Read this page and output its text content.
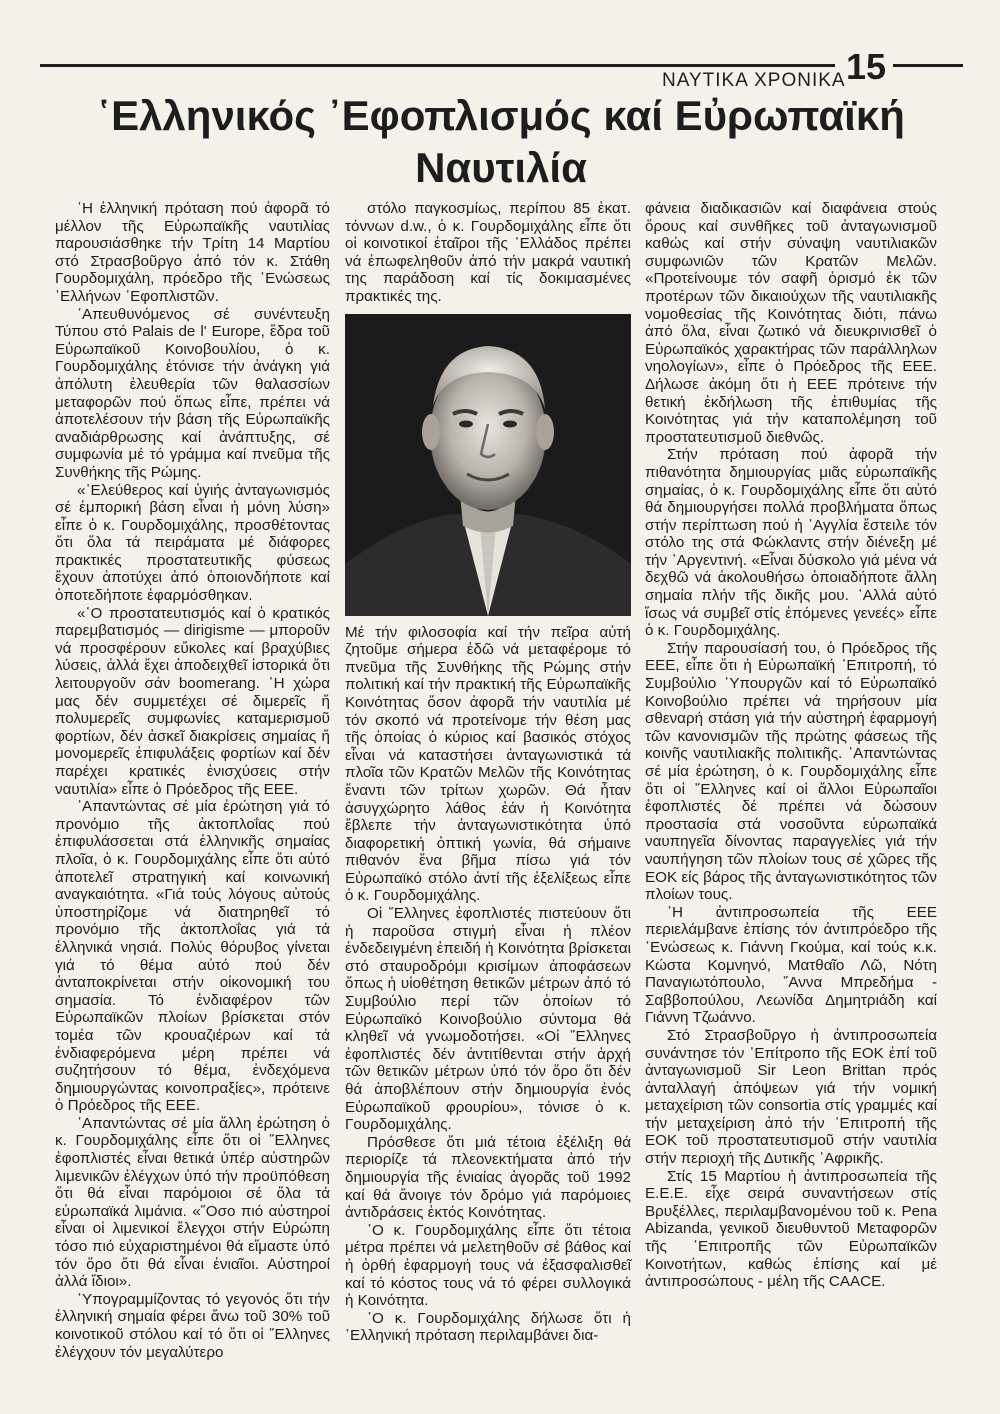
ΝΑΥΤΙΚΑ ΧΡΟΝΙΚΑ 15
῾Ελληνικός ᾿Εφοπλισμός καί Εὐρωπαϊκή
Ναυτιλία

῾Η ἑλληνική πρόταση πού ἀφορᾶ τό μέλλον τῆς Εὐρωπαϊκῆς ναυτιλίας παρουσιάσθηκε τήν Τρίτη 14 Μαρτίου στό Στρασβοῦργο ἀπό τόν κ. Στάθη Γουρδομιχάλη, πρόεδρο τῆς ῾Ενώσεως ῾Ελλήνων ᾿Εφοπλιστῶν.

᾿Απευθυνόμενος σέ συνέντευξη Τύπου στό Palais de l' Europe, ἕδρα τοῦ Εὐρωπαϊκοῦ Κοινοβουλίου, ὁ κ. Γουρδομιχάλης ἐτόνισε τήν ἀνάγκη γιά ἀπόλυτη ἐλευθερία τῶν θαλασσίων μεταφορῶν πού ὅπως εἶπε, πρέπει νά ἀποτελέσουν τήν βάση τῆς Εὐρωπαϊκῆς αναδιάρθρωσης καί ἀνάπτυξης, σέ συμφωνία μέ τό γράμμα καί πνεῦμα τῆς Συνθήκης τῆς Ρώμης.

«᾿Ελεύθερος καί ὑγιής ἀνταγωνισμός σέ ἐμπορική βάση εἶναι ἡ μόνη λύση» εἶπε ὁ κ. Γουρδομιχάλης, προσθέτοντας ὅτι ὅλα τά πειράματα μέ διάφορες πρακτικές προστατευτικῆς φύσεως ἔχουν ἀποτύχει ἀπό ὁποιονδήποτε καί ὁποτεδήποτε ἐφαρμόσθηκαν.

«῾Ο προστατευτισμός καί ὁ κρατικός παρεμβατισμός — dirigisme — μποροῦν νά προσφέρουν εὔκολες καί βραχύβιες λύσεις, ἀλλά ἔχει ἀποδειχθεῖ ἱστορικά ὅτι λειτουργοῦν σάν boomerang. ῾Η χώρα μας δέν συμμετέχει σέ διμερεῖς ἤ πολυμερεῖς συμφωνίες καταμερισμοῦ φορτίων, δέν ἀσκεῖ διακρίσεις σημαίας ἤ μονομερεῖς ἐπιφυλάξεις φορτίων καί δέν παρέχει κρατικές ἐνισχύσεις στήν ναυτιλία» εἶπε ὁ Πρόεδρος τῆς ΕΕΕ.

᾿Απαντώντας σέ μία ἐρώτηση γιά τό προνόμιο τῆς ἀκτοπλοΐας πού ἐπιφυλάσσεται στά ἑλληνικῆς σημαίας πλοῖα, ὁ κ. Γουρδομιχάλης εἶπε ὅτι αὐτό ἀποτελεῖ στρατηγική καί κοινωνική αναγκαιότητα. «Γιά τούς λόγους αὐτούς ὑποστηρίζομε νά διατηρηθεῖ τό προνόμιο τῆς ἀκτοπλοΐας γιά τά ἑλληνικά νησιά. Πολύς θόρυβος γίνεται γιά τό θέμα αὐτό πού δέν ἀνταποκρίνεται στήν οἰκονομική του σημασία. Τό ἐνδιαφέρον τῶν Εὐρωπαϊκῶν πλοίων βρίσκεται στόν τομέα τῶν κρουαζιέρων καί τά ἐνδιαφερόμενα μέρη πρέπει νά συζητήσουν τό θέμα, ἐνδεχόμενα δημιουργώντας κοινοπραξίες», πρότεινε ὁ Πρόεδρος τῆς ΕΕΕ.

᾿Απαντώντας σέ μία ἄλλη ἐρώτηση ὁ κ. Γουρδομιχάλης εἶπε ὅτι οἱ ῞Ελληνες ἐφοπλιστές εἶναι θετικά ὑπέρ αὐστηρῶν λιμενικῶν ἐλέγχων ὑπό τήν προϋπόθεση ὅτι θά εἶναι παρόμοιοι σέ ὅλα τά εὐρωπαϊκά λιμάνια. «῞Οσο πιό αὐστηροί εἶναι οἱ λιμενικοί ἔλεγχοι στήν Εὐρώπη τόσο πιό εὐχαριστημένοι θά εἴμαστε ὑπό τόν ὅρο ὅτι θά εἶναι ἐνιαῖοι. Αὐστηροί ἀλλά ἴδιοι».

῾Υπογραμμίζοντας τό γεγονός ὅτι τήν ἑλληνική σημαία φέρει ἄνω τοῦ 30% τοῦ κοινοτικοῦ στόλου καί τό ὅτι οἱ ῞Ελληνες ἐλέγχουν τόν μεγαλύτερο

στόλο παγκοσμίως, περίπου 85 ἑκατ. τόννων d.w., ὁ κ. Γουρδομιχάλης εἶπε ὅτι οἱ κοινοτικοί ἑταῖροι τῆς ῾Ελλάδος πρέπει νά ἐπωφεληθοῦν ἀπό τήν μακρά ναυτική της παράδοση καί τίς δοκιμασμένες πρακτικές της.

Μέ τήν φιλοσοφία καί τήν πεῖρα αὐτή ζητοῦμε σήμερα ἐδῶ νά μεταφέρομε τό πνεῦμα τῆς Συνθήκης τῆς Ρώμης στήν πολιτική καί τήν πρακτική τῆς Εὐρωπαϊκῆς Κοινότητας ὅσον ἀφορᾶ τήν ναυτιλία μέ τόν σκοπό νά προτείνομε τήν θέση μας τῆς ὁποίας ὁ κύριος καί βασικός στόχος εἶναι νά καταστήσει ἀνταγωνιστικά τά πλοῖα τῶν Κρατῶν Μελῶν τῆς Κοινότητας ἔναντι τῶν τρίτων χωρῶν. Θά ἦταν ἀσυγχώρητο λάθος ἐάν ἡ Κοινότητα ἔβλεπε τήν ἀνταγωνιστικότητα ὑπό διαφορετική ὀπτική γωνία, θά σήμαινε πιθανόν ἕνα βῆμα πίσω γιά τόν Εὐρωπαϊκό στόλο ἀντί τῆς ἐξελίξεως εἶπε ὁ κ. Γουρδομιχάλης.

Οἱ ῞Ελληνες ἐφοπλιστές πιστεύουν ὅτι ἡ παροῦσα στιγμή εἶναι ἡ πλέον ἐνδεδειγμένη ἐπειδή ἡ Κοινότητα βρίσκεται στό σταυροδρόμι κρισίμων ἀποφάσεων ὅπως ἡ υἱοθέτηση θετικῶν μέτρων ἀπό τό Συμβούλιο περί τῶν ὁποίων τό Εὐρωπαϊκό Κοινοβούλιο σύντομα θά κληθεῖ νά γνωμοδοτήσει. «Οἱ ῞Ελληνες ἐφοπλιστές δέν ἀντιτίθενται στήν ἀρχή τῶν θετικῶν μέτρων ὑπό τόν ὅρο ὅτι δέν θά ἀποβλέπουν στήν δημιουργία ἑνός Εὐρωπαϊκοῦ φρουρίου», τόνισε ὁ κ. Γουρδομιχάλης.

Πρόσθεσε ὅτι μιά τέτοια ἐξέλιξη θά περιορίζε τά πλεονεκτήματα ἀπό τήν δημιουργία τῆς ἐνιαίας ἀγορᾶς τοῦ 1992 καί θά ἄνοιγε τόν δρόμο γιά παρόμοιες ἀντιδράσεις ἐκτός Κοινότητας.

῾Ο κ. Γουρδομιχάλης εἶπε ὅτι τέτοια μέτρα πρέπει νά μελετηθοῦν σέ βάθος καί ἡ ὀρθή ἐφαρμογή τους νά ἐξασφαλισθεῖ καί τό κόστος τους νά τό φέρει συλλογικά ἡ Κοινότητα.

῾Ο κ. Γουρδομιχάλης δήλωσε ὅτι ἡ ῾Ελληνική πρόταση περιλαμβάνει δια-

φάνεια διαδικασιῶν καί διαφάνεια στούς ὅρους καί συνθῆκες τοῦ ἀνταγωνισμοῦ καθώς καί στήν σύναψη ναυτιλιακῶν συμφωνιῶν τῶν Κρατῶν Μελῶν. «Προτείνουμε τόν σαφῆ ὁρισμό ἐκ τῶν προτέρων τῶν δικαιούχων τῆς ναυτιλιακῆς νομοθεσίας τῆς Κοινότητας διότι, πάνω ἀπό ὅλα, εἶναι ζωτικό νά διευκρινισθεῖ ὁ Εὐρωπαϊκός χαρακτήρας τῶν παράλληλων νηολογίων», εἶπε ὁ Πρόεδρος τῆς ΕΕΕ. Δήλωσε ἀκόμη ὅτι ἡ ΕΕΕ πρότεινε τήν θετική ἐκδήλωση τῆς ἐπιθυμίας τῆς Κοινότητας γιά τήν καταπολέμηση τοῦ προστατευτισμοῦ διεθνῶς.

Στήν πρόταση πού ἀφορᾶ τήν πιθανότητα δημιουργίας μιᾶς εὐρωπαϊκῆς σημαίας, ὁ κ. Γουρδομιχάλης εἶπε ὅτι αὐτό θά δημιουργήσει πολλά προβλήματα ὅπως στήν περίπτωση πού ἡ ᾿Αγγλία ἔστειλε τόν στόλο της στά Φώκλαντς στήν διένεξη μέ τήν ᾿Αργεντινή. «Εἶναι δύσκολο γιά μένα νά δεχθῶ νά ἀκολουθήσω ὁποιαδήποτε ἄλλη σημαία πλήν τῆς δικῆς μου. ᾿Αλλά αὐτό ἴσως νά συμβεῖ στίς ἑπόμενες γενεές» εἶπε ὁ κ. Γουρδομιχάλης.

Στήν παρουσίασή του, ὁ Πρόεδρος τῆς ΕΕΕ, εἶπε ὅτι ἡ Εὐρωπαϊκή ᾿Επιτροπή, τό Συμβούλιο ῾Υπουργῶν καί τό Εὐρωπαϊκό Κοινοβούλιο πρέπει νά τηρήσουν μία σθεναρή στάση γιά τήν αὐστηρή ἐφαρμογή τῶν κανονισμῶν τῆς πρώτης φάσεως τῆς κοινῆς ναυτιλιακῆς πολιτικῆς. ᾿Απαντώντας σέ μία ἐρώτηση, ὁ κ. Γουρδομιχάλης εἶπε ὅτι οἱ ῞Ελληνες καί οἱ ἄλλοι Εὐρωπαῖοι ἐφοπλιστές δέ πρέπει νά δώσουν προστασία στά νοσοῦντα εὐρωπαϊκά ναυπηγεῖα δίνοντας παραγγελίες γιά τήν ναυπήγηση τῶν πλοίων τους σέ χῶρες τῆς ΕΟΚ είς βάρος τῆς ἀνταγωνιστικότητος τῶν πλοίων τους.

῾Η ἀντιπροσωπεία τῆς ΕΕΕ περιελάμβανε ἐπίσης τόν ἀντιπρόεδρο τῆς ῾Ενώσεως κ. Γιάννη Γκούμα, καί τούς κ.κ. Κώστα Κομνηνό, Ματθαῖο Λῶ, Νότη Παναγιωτόπουλο, ῎Αννα Μπρεδήμα - Σαββοπούλου, Λεωνίδα Δημητριάδη καί Γιάννη Τζωάννο.

Στό Στρασβοῦργο ἡ ἀντιπροσωπεία συνάντησε τόν ᾿Επίτροπο τῆς ΕΟΚ ἐπί τοῦ ἀνταγωνισμοῦ Sir Leon Brittan πρός ἀνταλλαγή ἀπόψεων γιά τήν νομική μεταχείριση τῶν consortia στίς γραμμές καί τήν μεταχείριση ἀπό τήν ᾿Επιτροπή τῆς ΕΟΚ τοῦ προστατευτισμοῦ στήν ναυτιλία στήν περιοχή τῆς Δυτικῆς ᾿Αφρικῆς.

Στίς 15 Μαρτίου ἡ ἀντιπροσωπεία τῆς Ε.Ε.Ε. εἶχε σειρά συναντήσεων στίς Βρυξέλλες, περιλαμβανομένου τοῦ κ. Pena Abizanda, γενικοῦ διευθυντοῦ Μεταφορῶν τῆς ᾿Επιτροπῆς τῶν Εὐρωπαϊκῶν Κοινοτήτων, καθώς ἐπίσης καί μέ ἀντιπροσώπους - μέλη τῆς CAACE.
